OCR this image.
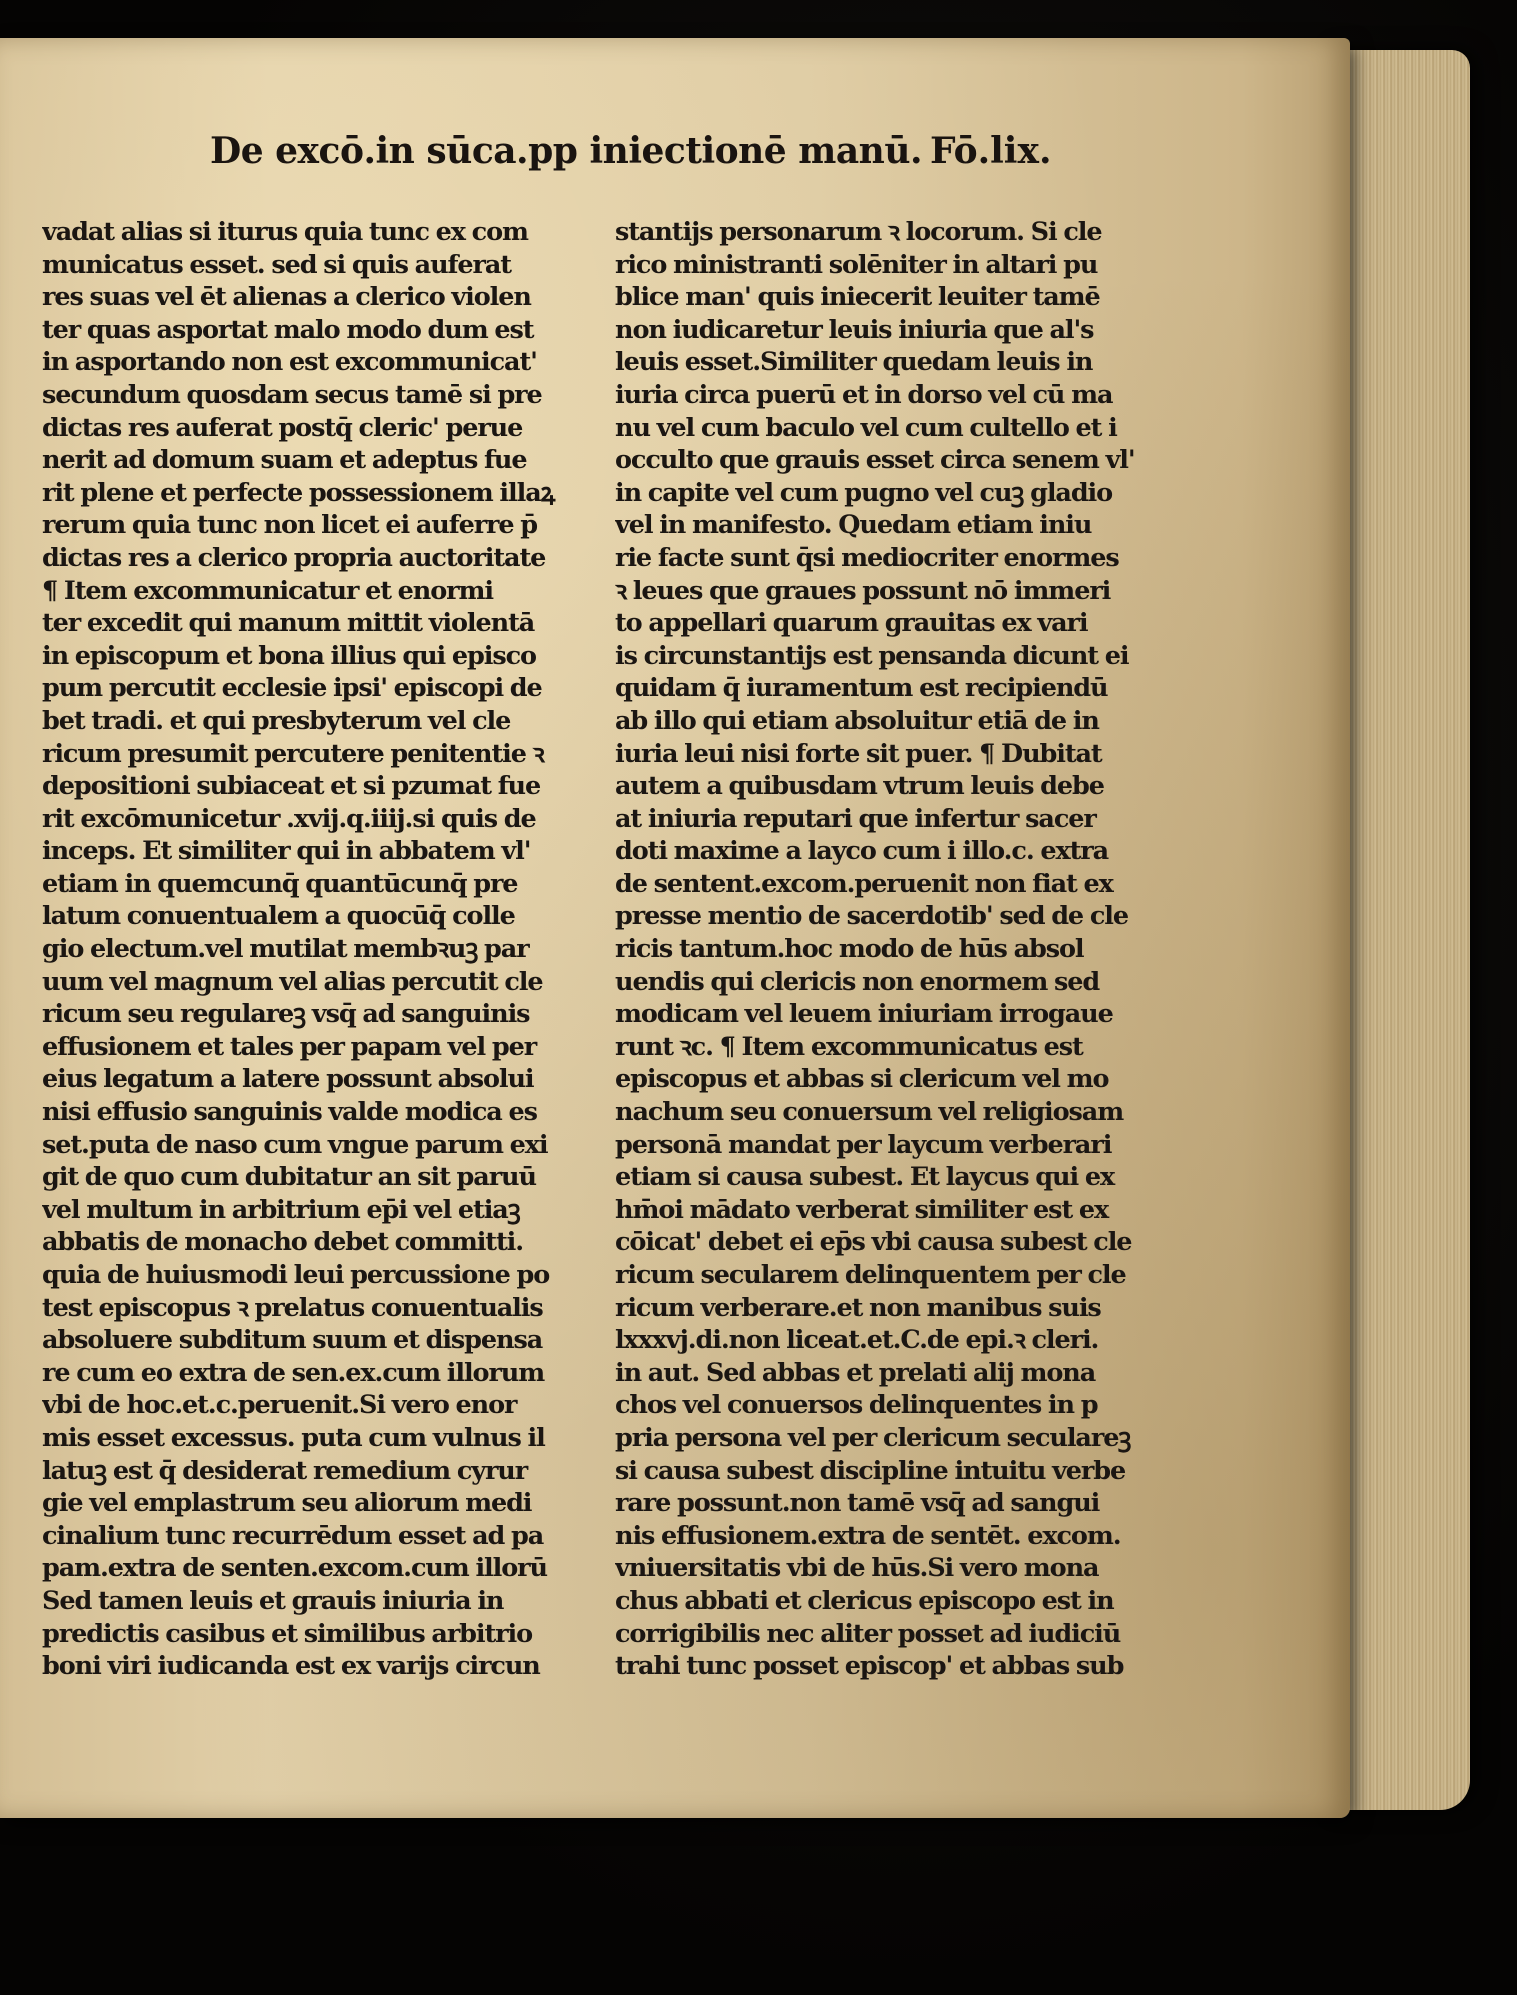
De excō.in sūca.pp iniectionē manū. Fō.lix.
vadat alias si iturus quia tunc ex com
municatus esset. sed si quis auferat
res suas vel ēt alienas a clerico violen
ter quas asportat malo modo dum est
in asportando non est excommunicat'
secundum quosdam secus tamē si pre
dictas res auferat postq̄ cleric' perue
nerit ad domum suam et adeptus fue
rit plene et perfecte possessionem illaꝝ
rerum quia tunc non licet ei auferre p̄
dictas res a clerico propria auctoritate
¶ Item excommunicatur et enormi
ter excedit qui manum mittit violentā
in episcopum et bona illius qui episco
pum percutit ecclesie ipsi' episcopi de
bet tradi. et qui presbyterum vel cle
ricum presumit percutere penitentie ꝛ
depositioni subiaceat et si pzumat fue
rit excōmunicetur .xvij.q.iiij.si quis de
inceps. Et similiter qui in abbatem vl'
etiam in quemcunq̄ quantūcunq̄ pre
latum conuentualem a quocūq̄ colle
gio electum.vel mutilat membꝛuꝫ par
uum vel magnum vel alias percutit cle
ricum seu regulareꝫ vsq̄ ad sanguinis
effusionem et tales per papam vel per
eius legatum a latere possunt absolui
nisi effusio sanguinis valde modica es
set.puta de naso cum vngue parum exi
git de quo cum dubitatur an sit paruū
vel multum in arbitrium ep̄i vel etiaꝫ
abbatis de monacho debet committi.
quia de huiusmodi leui percussione po
test episcopus ꝛ prelatus conuentualis
absoluere subditum suum et dispensa
re cum eo extra de sen.ex.cum illorum
vbi de hoc.et.c.peruenit.Si vero enor
mis esset excessus. puta cum vulnus il
latuꝫ est q̄ desiderat remedium cyrur
gie vel emplastrum seu aliorum medi
cinalium tunc recurrēdum esset ad pa
pam.extra de senten.excom.cum illorū
Sed tamen leuis et grauis iniuria in
predictis casibus et similibus arbitrio
boni viri iudicanda est ex varijs circun
stantijs personarum ꝛ locorum. Si cle
rico ministranti solēniter in altari pu
blice man' quis iniecerit leuiter tamē
non iudicaretur leuis iniuria que al's
leuis esset.Similiter quedam leuis in
iuria circa puerū et in dorso vel cū ma
nu vel cum baculo vel cum cultello et i
occulto que grauis esset circa senem vl'
in capite vel cum pugno vel cuꝫ gladio
vel in manifesto. Quedam etiam iniu
rie facte sunt q̄si mediocriter enormes
ꝛ leues que graues possunt nō immeri
to appellari quarum grauitas ex vari
is circunstantijs est pensanda dicunt ei
quidam q̄ iuramentum est recipiendū
ab illo qui etiam absoluitur etiā de in
iuria leui nisi forte sit puer. ¶ Dubitat
autem a quibusdam vtrum leuis debe
at iniuria reputari que infertur sacer
doti maxime a layco cum i illo.c. extra
de sentent.excom.peruenit non fiat ex
presse mentio de sacerdotib' sed de cle
ricis tantum.hoc modo de hūs absol
uendis qui clericis non enormem sed
modicam vel leuem iniuriam irrogaue
runt ꝛc. ¶ Item excommunicatus est
episcopus et abbas si clericum vel mo
nachum seu conuersum vel religiosam
personā mandat per laycum verberari
etiam si causa subest. Et laycus qui ex
hm̄oi mādato verberat similiter est ex
cōicat' debet ei ep̄s vbi causa subest cle
ricum secularem delinquentem per cle
ricum verberare.et non manibus suis
lxxxvj.di.non liceat.et.C.de epi.ꝛ cleri.
in aut. Sed abbas et prelati alij mona
chos vel conuersos delinquentes in p
pria persona vel per clericum seculareꝫ
si causa subest discipline intuitu verbe
rare possunt.non tamē vsq̄ ad sangui
nis effusionem.extra de sentēt. excom.
vniuersitatis vbi de hūs.Si vero mona
chus abbati et clericus episcopo est in
corrigibilis nec aliter posset ad iudiciū
trahi tunc posset episcop' et abbas sub
